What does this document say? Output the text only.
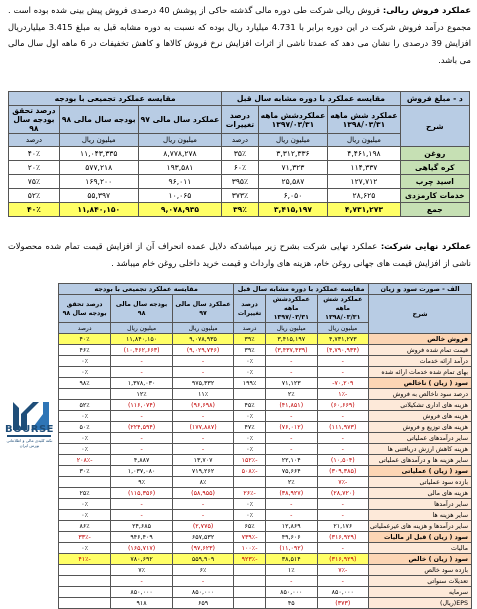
عملکرد فروش ریالی: فروش ریالی شرکت طی دوره مالی گذشته حاکی از پوشش 40 درصدی فروش پیش بینی شده بوده است . مجموع درآمد فروش شرکت در این دوره برابر با 4.731 میلیارد ریال بوده که نسبت به دوره مشابه قبل به مبلغ 3.415 میلیاردریال افزایش 39 درصدی را نشان می دهد که عمدتا ناشی از اثرات افزایش نرخ فروش کالاها و کاهش تخفیفات در 6 ماهه اول سال مالی می باشد.
د - مبلغ فروش	مقایسه عملکرد با دوره مشابه سال قبل			مقایسه عملکرد تجمیعی با بودجه		
شرح	عملکرد شش ماهه
۱۳۹۸/۰۳/۳۱	عملکردشش ماهه
۱۳۹۷/۰۳/۳۱	درصد تغییرات	عملکرد سال مالی ۹۷	بودجه سال مالی ۹۸	درصد تحقق بودجه سال ۹۸
	میلیون ریال	میلیون ریال	درصد	میلیون ریال	میلیون ریال	درصد
روغن	۴,۴۶۱,۱۹۸	۳,۳۱۲,۳۳۶	۳۵٪	۸,۷۷۸,۲۷۸	۱۱,۰۴۳,۳۳۵	۴۰٪
کره گیاهی	۱۱۴,۳۳۷	۷۱,۳۲۳	۶۰٪	۱۹۳,۵۸۱	۵۷۷,۲۱۸	۲۰٪
اسید چرب	۱۲۷,۷۱۲	۲۵,۵۸۷	۳۹۵٪	۹۶,۰۱۱	۱۶۹,۲۰۰	۷۵٪
خدمات کارمزدی	۲۸,۶۲۵	۶,۰۵۰	۳۷۳٪	۱۰,۰۶۵	۵۵,۳۹۷	۵۲٪
جمع	۴,۷۳۱,۲۷۳	۳,۴۱۵,۱۹۷	۳۹٪	۹,۰۷۸,۹۳۵	۱۱,۸۴۰,۱۵۰	۴۰٪
عملکرد نهایی شرکت: عملکرد نهایی شرکت بشرح زیر میباشدکه دلایل عمده انحراف آن از افزایش قیمت تمام شده محصولات ناشی از افزایش قیمت های جهانی روغن خام، هزینه های وارداث و قیمت خرید داخلی روغن خام میباشد .
BOURSE
نکته کلیدی مالی و اطلاعاتی بورس ایران
الف - صورت سود و زیان	مقایسه عملکرد با دوره مشابه سال قبل			مقایسه عملکرد تجمیعی با بودجه		
شرح	عملکرد شش ماهه
۱۳۹۸/۰۳/۳۱	عملکردشش ماهه
۱۳۹۷/۰۳/۳۱	درصد تغییرات	عملکرد سال مالی ۹۷	بودجه سال مالی ۹۸	درصد تحقق بودجه سال ۹۸
	میلیون ریال	میلیون ریال	درصد	میلیون ریال	میلیون ریال	درصد
فروش خالص	۴,۷۳۱,۲۷۳	۳,۴۱۵,۱۹۷	۳۹٪	۹,۰۷۸,۹۳۵	۱۱,۸۴۰,۱۵۰	۴۰٪
قیمت تمام شده فروش	(۴,۷۹۰,۹۳۴)	(۳,۴۳۷,۴۳۹)	۳۹٪	(۹,۰۲۹,۷۴۶)	(۱۰,۴۶۲,۶۶۳)	۴۶٪
درآمد ارائه خدمات	-	-	۰٪	-	-	۰٪
بهای تمام شده خدمات ارائه شده	-	-	۰٪	-	-	۰٪
سود ( زیان ) ناخالص	۷۰,۲۰۹-	۷۱,۱۲۳	۱۹۹٪	۹۷۵,۳۳۲	۱,۳۷۸,۰۳۰	۹۸٪
درصد سود ناخالص به فروش	-۱٪	۲٪		۱۱٪	۱۲٪	
هزینه های اداری تشکیلاتی	(۶۰,۶۶۹)	(۴۱,۸۵۱)	۴۵٪	(۹۶,۶۹۸)	(۱۱۶,۰۷۴)	۵۲٪
هزینه های فروش	-	-	۰٪	-	-	۰٪
هزینه های توزیع و فروش	(۱۱۱,۹۷۳)	(۷۶,۰۱۲)	۴۷٪	(۱۷۷,۸۸۷)	(۲۲۴,۵۹۴)	۵۰٪
سایر درآمدهای عملیاتی	-	-	۰٪	-	-	۰٪
هزینه کاهش ارزش دریافتنی ها	-	-	۰٪	-	-	۰٪
سایر هزینه ها و درآمدهای عملیاتی	(۱۰,۵۰۴)	۲۲,۱۰۴	-۱۵۲٪	۱۳,۷۰۷	۴,۸۸۷	-۲۰۸٪
سود ( زیان ) عملیاتی	(۳۰۹,۳۸۵)	۷۵,۶۶۴	-۵۰۸٪	۷۱۹,۲۶۲	۱,۰۳۷,۰۸۰	۳۰٪
بازده سود عملیاتی	-۷٪	۲٪		۸٪	۹٪	
هزینه های مالی	(۲۸,۷۲۰)	(۳۸,۹۲۷)	-۲۶٪	(۵۸,۹۵۵)	(۱۱۵,۳۵۶)	۲۵٪
سایر درآمدها	-	-	۰٪	-	-	۰٪
سایر هزینه ها	-	-	۰٪	-	-	۰٪
سایر درآمدها و هزینه های غیرعملیاتی	۲۱,۱۷۶	۱۲,۸۶۹	۶۵٪	(۲,۷۷۵)	۲۴,۶۸۵	۸۶٪
سود ( زیان ) قبل از مالیات	(۳۱۶,۹۲۹)	۴۹,۶۰۶	-۷۳۹٪	۶۵۷,۵۳۲	۹۴۶,۴۰۹	-۳۳٪
مالیات	-	(۱۱,۰۹۲)	-۱۰۰٪	(۹۷,۶۲۳)	(۱۶۵,۷۱۷)	۰٪
سود ( زیان ) خالص	(۳۱۶,۹۲۹)	۳۸,۵۱۴	-۹۲۳٪	۵۵۹,۹۰۹	۷۸۰,۶۹۲	-۴۱٪
بازده سود خالص	-۷٪	۱٪		۶٪	۷٪	
تعدیلات سنواتی	-	-		-	-	
سرمایه	۸۵۰,۰۰۰	۸۵۰,۰۰۰		۸۵۰,۰۰۰	۸۵۰,۰۰۰	
EPS(ریال)	(۳۷۳)	۴۵		۶۵۹	۹۱۸	
